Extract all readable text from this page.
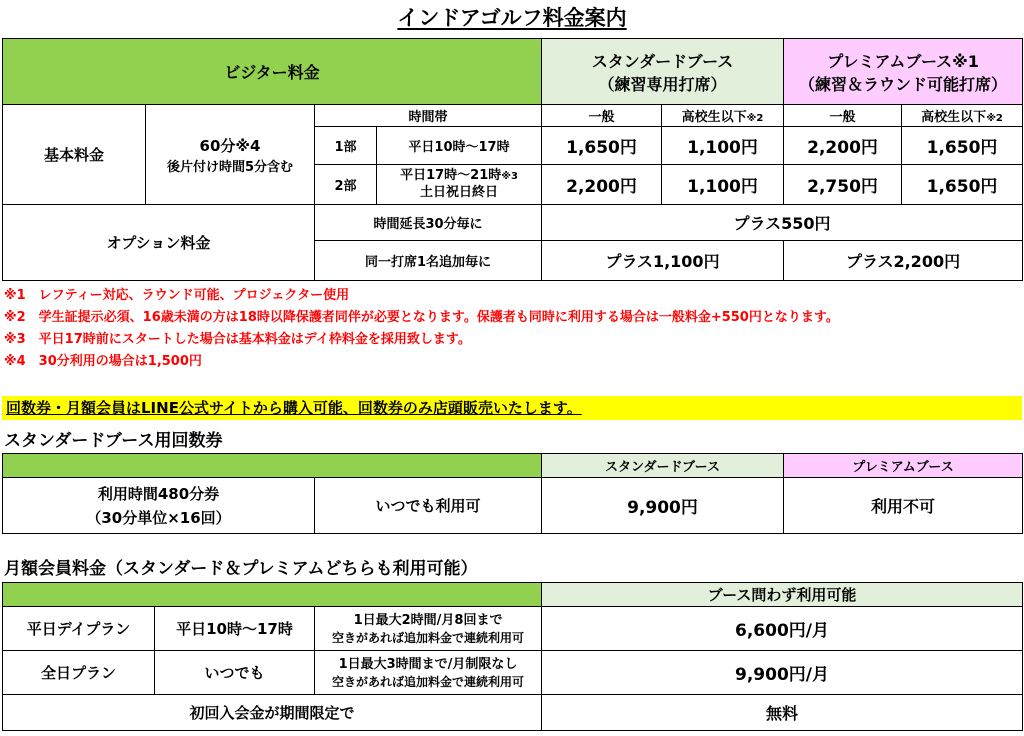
インドアゴルフ料金案内
ビジター料金				スタンダードブース
（練習専用打席）		プレミアムブース※1
（練習＆ラウンド可能打席）	
基本料金	60分※4
後片付け時間5分含む	時間帯		一般	高校生以下※2	一般	高校生以下※2
		1部	平日10時～17時	1,650円	1,100円	2,200円	1,650円
		2部	平日17時～21時※3
土日祝日終日	2,200円	1,100円	2,750円	1,650円
オプション料金		時間延長30分毎に		プラス550円			
		同一打席1名追加毎に		プラス1,100円		プラス2,200円	
※1　レフティー対応、ラウンド可能、プロジェクター使用
※2　学生証提示必須、16歳未満の方は18時以降保護者同伴が必要となります。保護者も同時に利用する場合は一般料金+550円となります。
※3　平日17時前にスタートした場合は基本料金はデイ枠料金を採用致します。
※4　30分利用の場合は1,500円
回数券・月額会員はLINE公式サイトから購入可能、回数券のみ店頭販売いたします。
スタンダードブース用回数券
		スタンダードブース	プレミアムブース
利用時間480分券
（30分単位×16回）	いつでも利用可	9,900円	利用不可
月額会員料金（スタンダード＆プレミアムどちらも利用可能）
			ブース問わず利用可能
平日デイプラン	平日10時～17時	1日最大2時間/月8回まで
空きがあれば追加料金で連続利用可	6,600円/月
全日プラン	いつでも	1日最大3時間まで/月制限なし
空きがあれば追加料金で連続利用可	9,900円/月
初回入会金が期間限定で			無料
